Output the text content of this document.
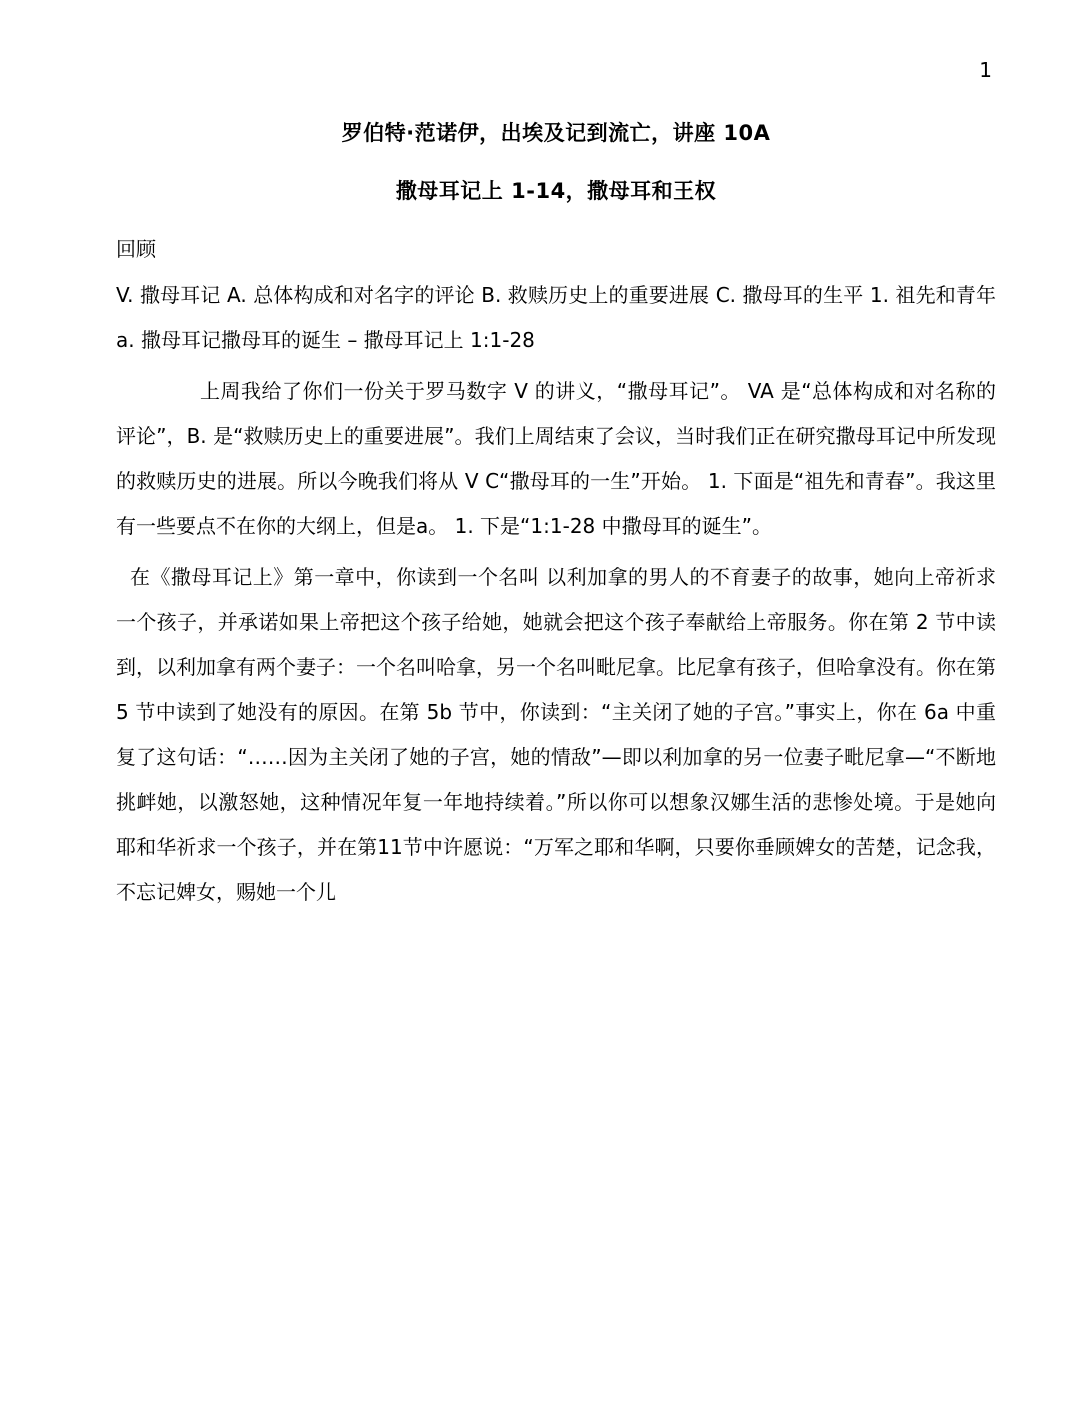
1
罗伯特·范诺伊，出埃及记到流亡，讲座 10A
撒母耳记上 1-14，撒母耳和王权

回顾

V. 撒母耳记 A. 总体构成和对名字的评论 B. 救赎历史上的重要进展 C. 撒母耳的生平 1. 祖先和青年 a. 撒母耳记撒母耳的诞生 – 撒母耳记上 1:1-28

上周我给了你们一份关于罗马数字 V 的讲义，“撒母耳记”。 VA 是“总体构成和对名称的评论”，B. 是“救赎历史上的重要进展”。我们上周结束了会议，当时我们正在研究撒母耳记中所发现的救赎历史的进展。所以今晚我们将从 V C“撒母耳的一生”开始。 1. 下面是“祖先和青春”。我这里有一些要点不在你的大纲上，但是a。 1. 下是“1:1-28 中撒母耳的诞生”。

在《撒母耳记上》第一章中，你读到一个名叫 以利加拿的男人的不育妻子的故事，她向上帝祈求一个孩子，并承诺如果上帝把这个孩子给她，她就会把这个孩子奉献给上帝服务。你在第 2 节中读到，以利加拿有两个妻子：一个名叫哈拿，另一个名叫毗尼拿。比尼拿有孩子，但哈拿没有。你在第 5 节中读到了她没有的原因。在第 5b 节中，你读到：“主关闭了她的子宫。”事实上，你在 6a 中重复了这句话：“……因为主关闭了她的子宫，她的情敌”—即以利加拿的另一位妻子毗尼拿—“不断地挑衅她，以激怒她，这种情况年复一年地持续着。”所以你可以想象汉娜生活的悲惨处境。于是她向耶和华祈求一个孩子，并在第11节中许愿说：“万军之耶和华啊，只要你垂顾婢女的苦楚，记念我，不忘记婢女，赐她一个儿
